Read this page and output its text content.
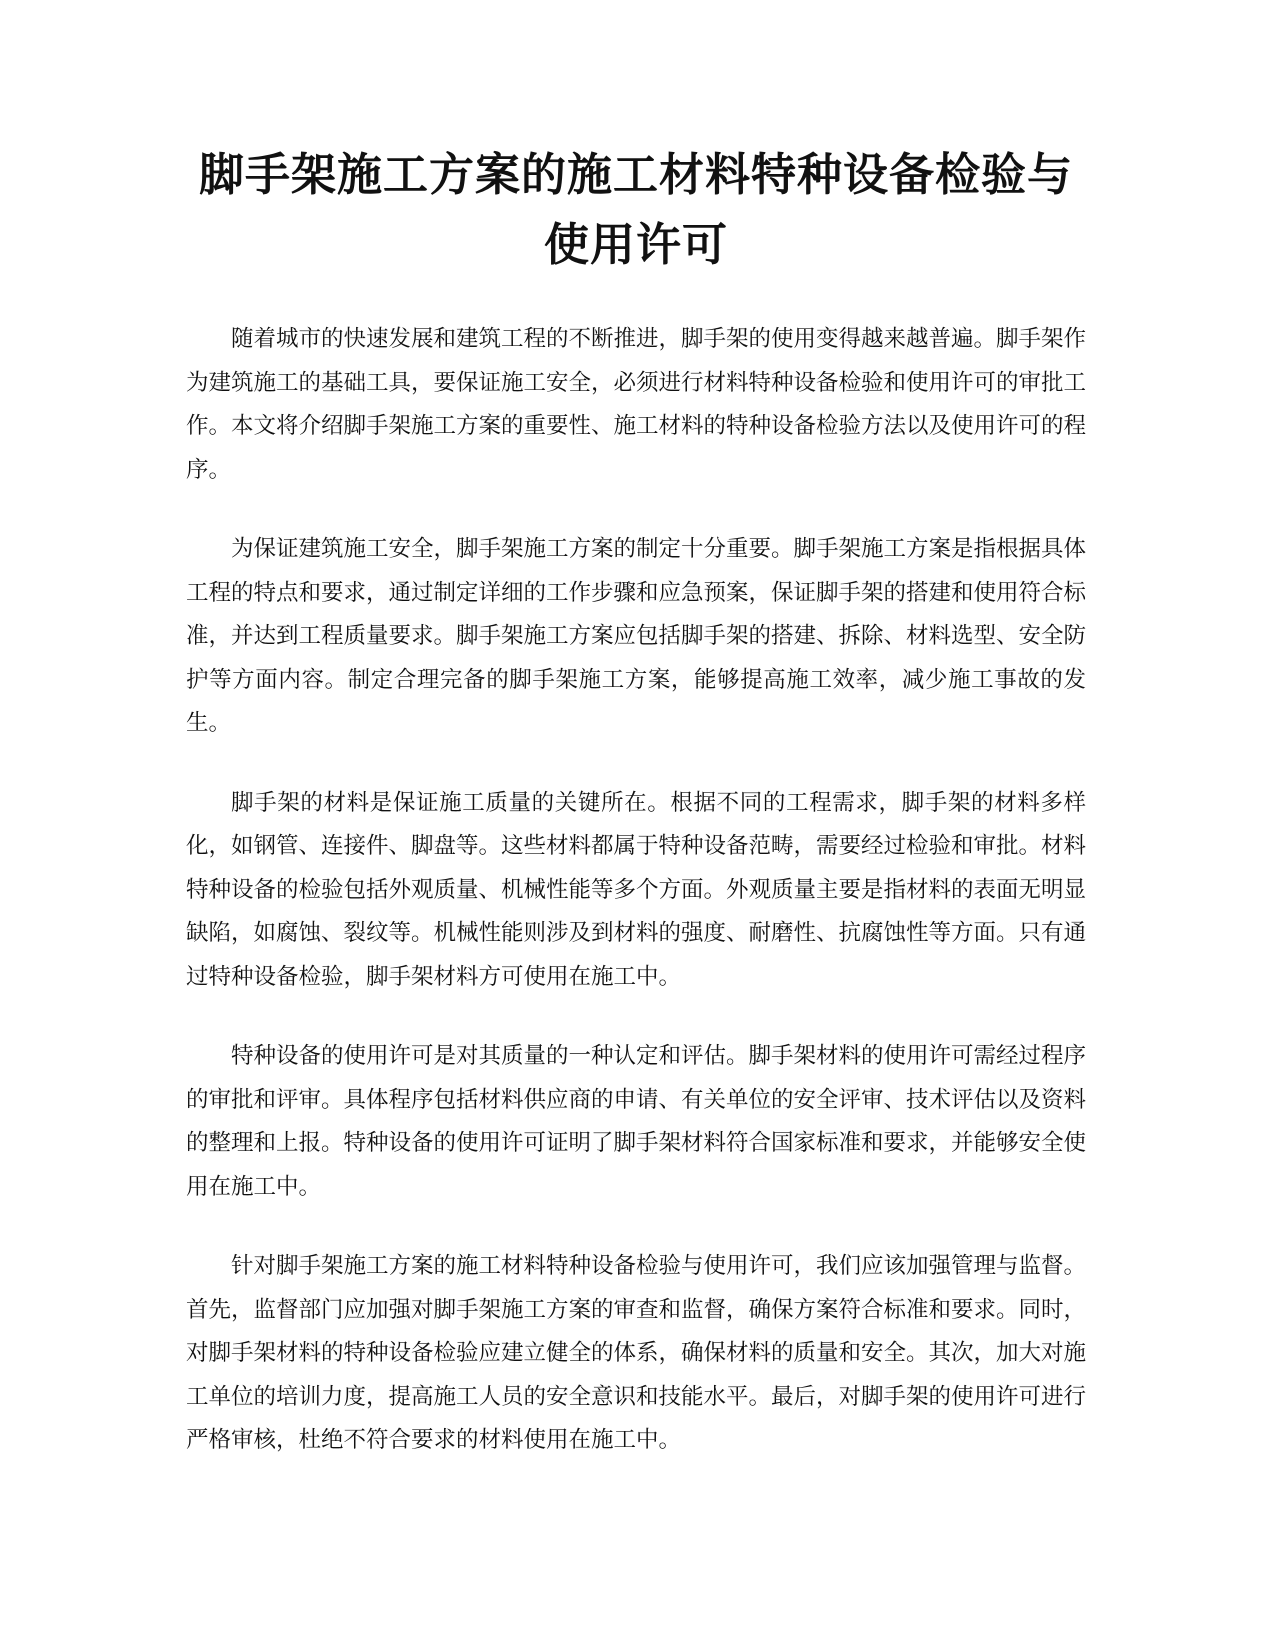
脚手架施工方案的施工材料特种设备检验与
使用许可

随着城市的快速发展和建筑工程的不断推进，脚手架的使用变得越来越普遍。脚手架作为建筑施工的基础工具，要保证施工安全，必须进行材料特种设备检验和使用许可的审批工作。本文将介绍脚手架施工方案的重要性、施工材料的特种设备检验方法以及使用许可的程序。

为保证建筑施工安全，脚手架施工方案的制定十分重要。脚手架施工方案是指根据具体工程的特点和要求，通过制定详细的工作步骤和应急预案，保证脚手架的搭建和使用符合标准，并达到工程质量要求。脚手架施工方案应包括脚手架的搭建、拆除、材料选型、安全防护等方面内容。制定合理完备的脚手架施工方案，能够提高施工效率，减少施工事故的发生。

脚手架的材料是保证施工质量的关键所在。根据不同的工程需求，脚手架的材料多样化，如钢管、连接件、脚盘等。这些材料都属于特种设备范畴，需要经过检验和审批。材料特种设备的检验包括外观质量、机械性能等多个方面。外观质量主要是指材料的表面无明显缺陷，如腐蚀、裂纹等。机械性能则涉及到材料的强度、耐磨性、抗腐蚀性等方面。只有通过特种设备检验，脚手架材料方可使用在施工中。

特种设备的使用许可是对其质量的一种认定和评估。脚手架材料的使用许可需经过程序的审批和评审。具体程序包括材料供应商的申请、有关单位的安全评审、技术评估以及资料的整理和上报。特种设备的使用许可证明了脚手架材料符合国家标准和要求，并能够安全使用在施工中。

针对脚手架施工方案的施工材料特种设备检验与使用许可，我们应该加强管理与监督。首先，监督部门应加强对脚手架施工方案的审查和监督，确保方案符合标准和要求。同时，对脚手架材料的特种设备检验应建立健全的体系，确保材料的质量和安全。其次，加大对施工单位的培训力度，提高施工人员的安全意识和技能水平。最后，对脚手架的使用许可进行严格审核，杜绝不符合要求的材料使用在施工中。
